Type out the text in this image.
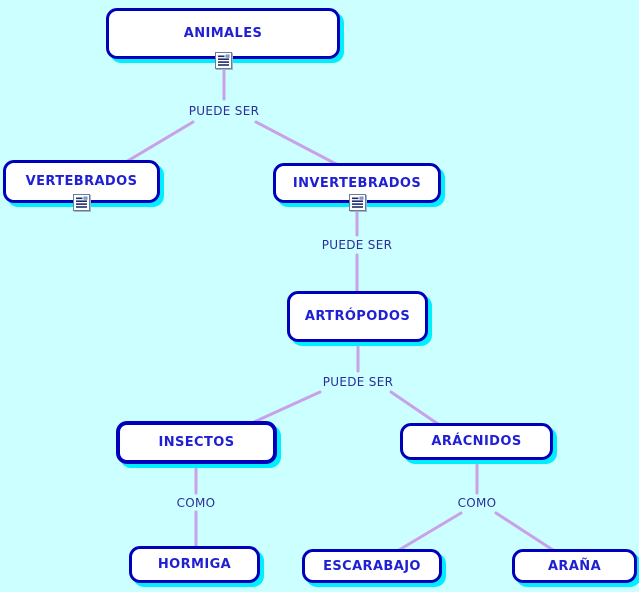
ANIMALES
VERTEBRADOS	INVERTEBRADOS
ARTRÓPODOS
INSECTOS	ARÁCNIDOS
HORMIGA	ESCARABAJO	ARAÑA
PUEDE SER
PUEDE SER
PUEDE SER
COMO	COMO
